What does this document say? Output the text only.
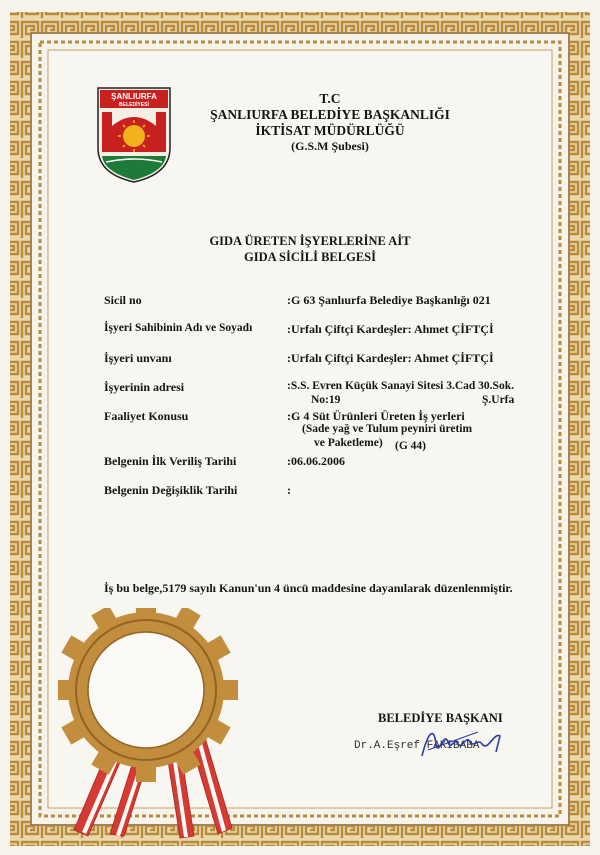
ŞANLIURFA
BELEDİYESİ	T.C
ŞANLIURFA BELEDİYE BAŞKANLIĞI
İKTİSAT MÜDÜRLÜĞÜ
(G.S.M Şubesi)
GIDA ÜRETEN İŞYERLERİNE AİT
GIDA SİCİLİ BELGESİ
Sicil no	:G 63 Şanlıurfa Belediye Başkanlığı 021
İşyeri Sahibinin Adı ve Soyadı	:Urfalı Çiftçi Kardeşler: Ahmet ÇİFTÇİ
İşyeri unvanı	:Urfalı Çiftçi Kardeşler: Ahmet ÇİFTÇİ
İşyerinin adresi	:S.S. Evren Küçük Sanayi Sitesi 3.Cad 30.Sok.
No:19	Ş.Urfa
Faaliyet Konusu	:G 4 Süt Ürünleri Üreten İş yerleri
(Sade yağ ve Tulum peyniri üretim
ve Paketleme) (G 44)
Belgenin İlk Veriliş Tarihi	:06.06.2006
Belgenin Değişiklik Tarihi	:
İş bu belge,5179 sayılı Kanun'un 4 üncü maddesine dayanılarak düzenlenmiştir.
BELEDİYE BAŞKANI
Dr.A.Eşref FAKIBABA
